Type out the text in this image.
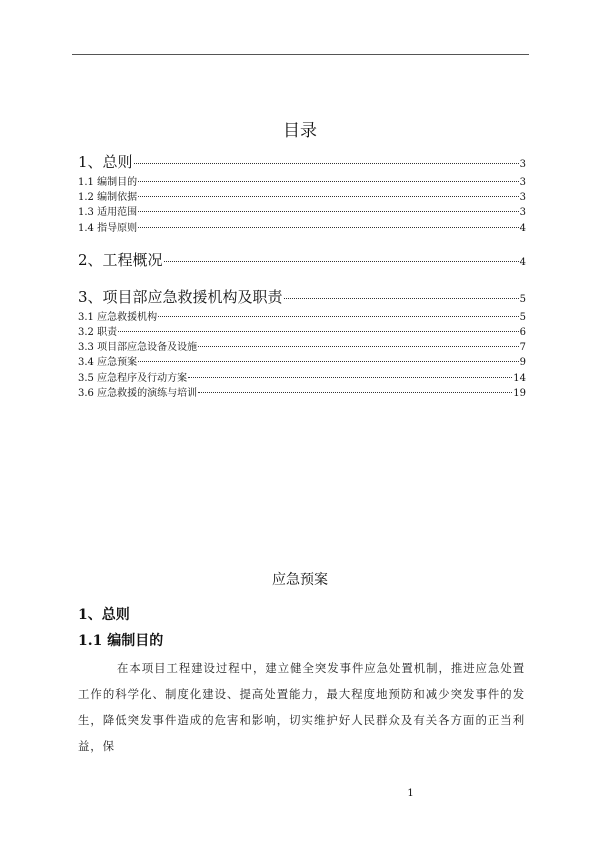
目录
1、总则	3
1.1 编制目的	3
1.2 编制依据	3
1.3 适用范围	3
1.4 指导原则	4
2、工程概况	4
3、项目部应急救援机构及职责	5
3.1 应急救援机构	5
3.2 职责	6
3.3 项目部应急设备及设施	7
3.4 应急预案	9
3.5 应急程序及行动方案	14
3.6 应急救援的演练与培训	19
应急预案
1、总则
1.1 编制目的
在本项目工程建设过程中，建立健全突发事件应急处置机制，推进应急处置工作的科学化、制度化建设、提高处置能力，最大程度地预防和减少突发事件的发生，降低突发事件造成的危害和影响，切实维护好人民群众及有关各方面的正当利益，保
1
